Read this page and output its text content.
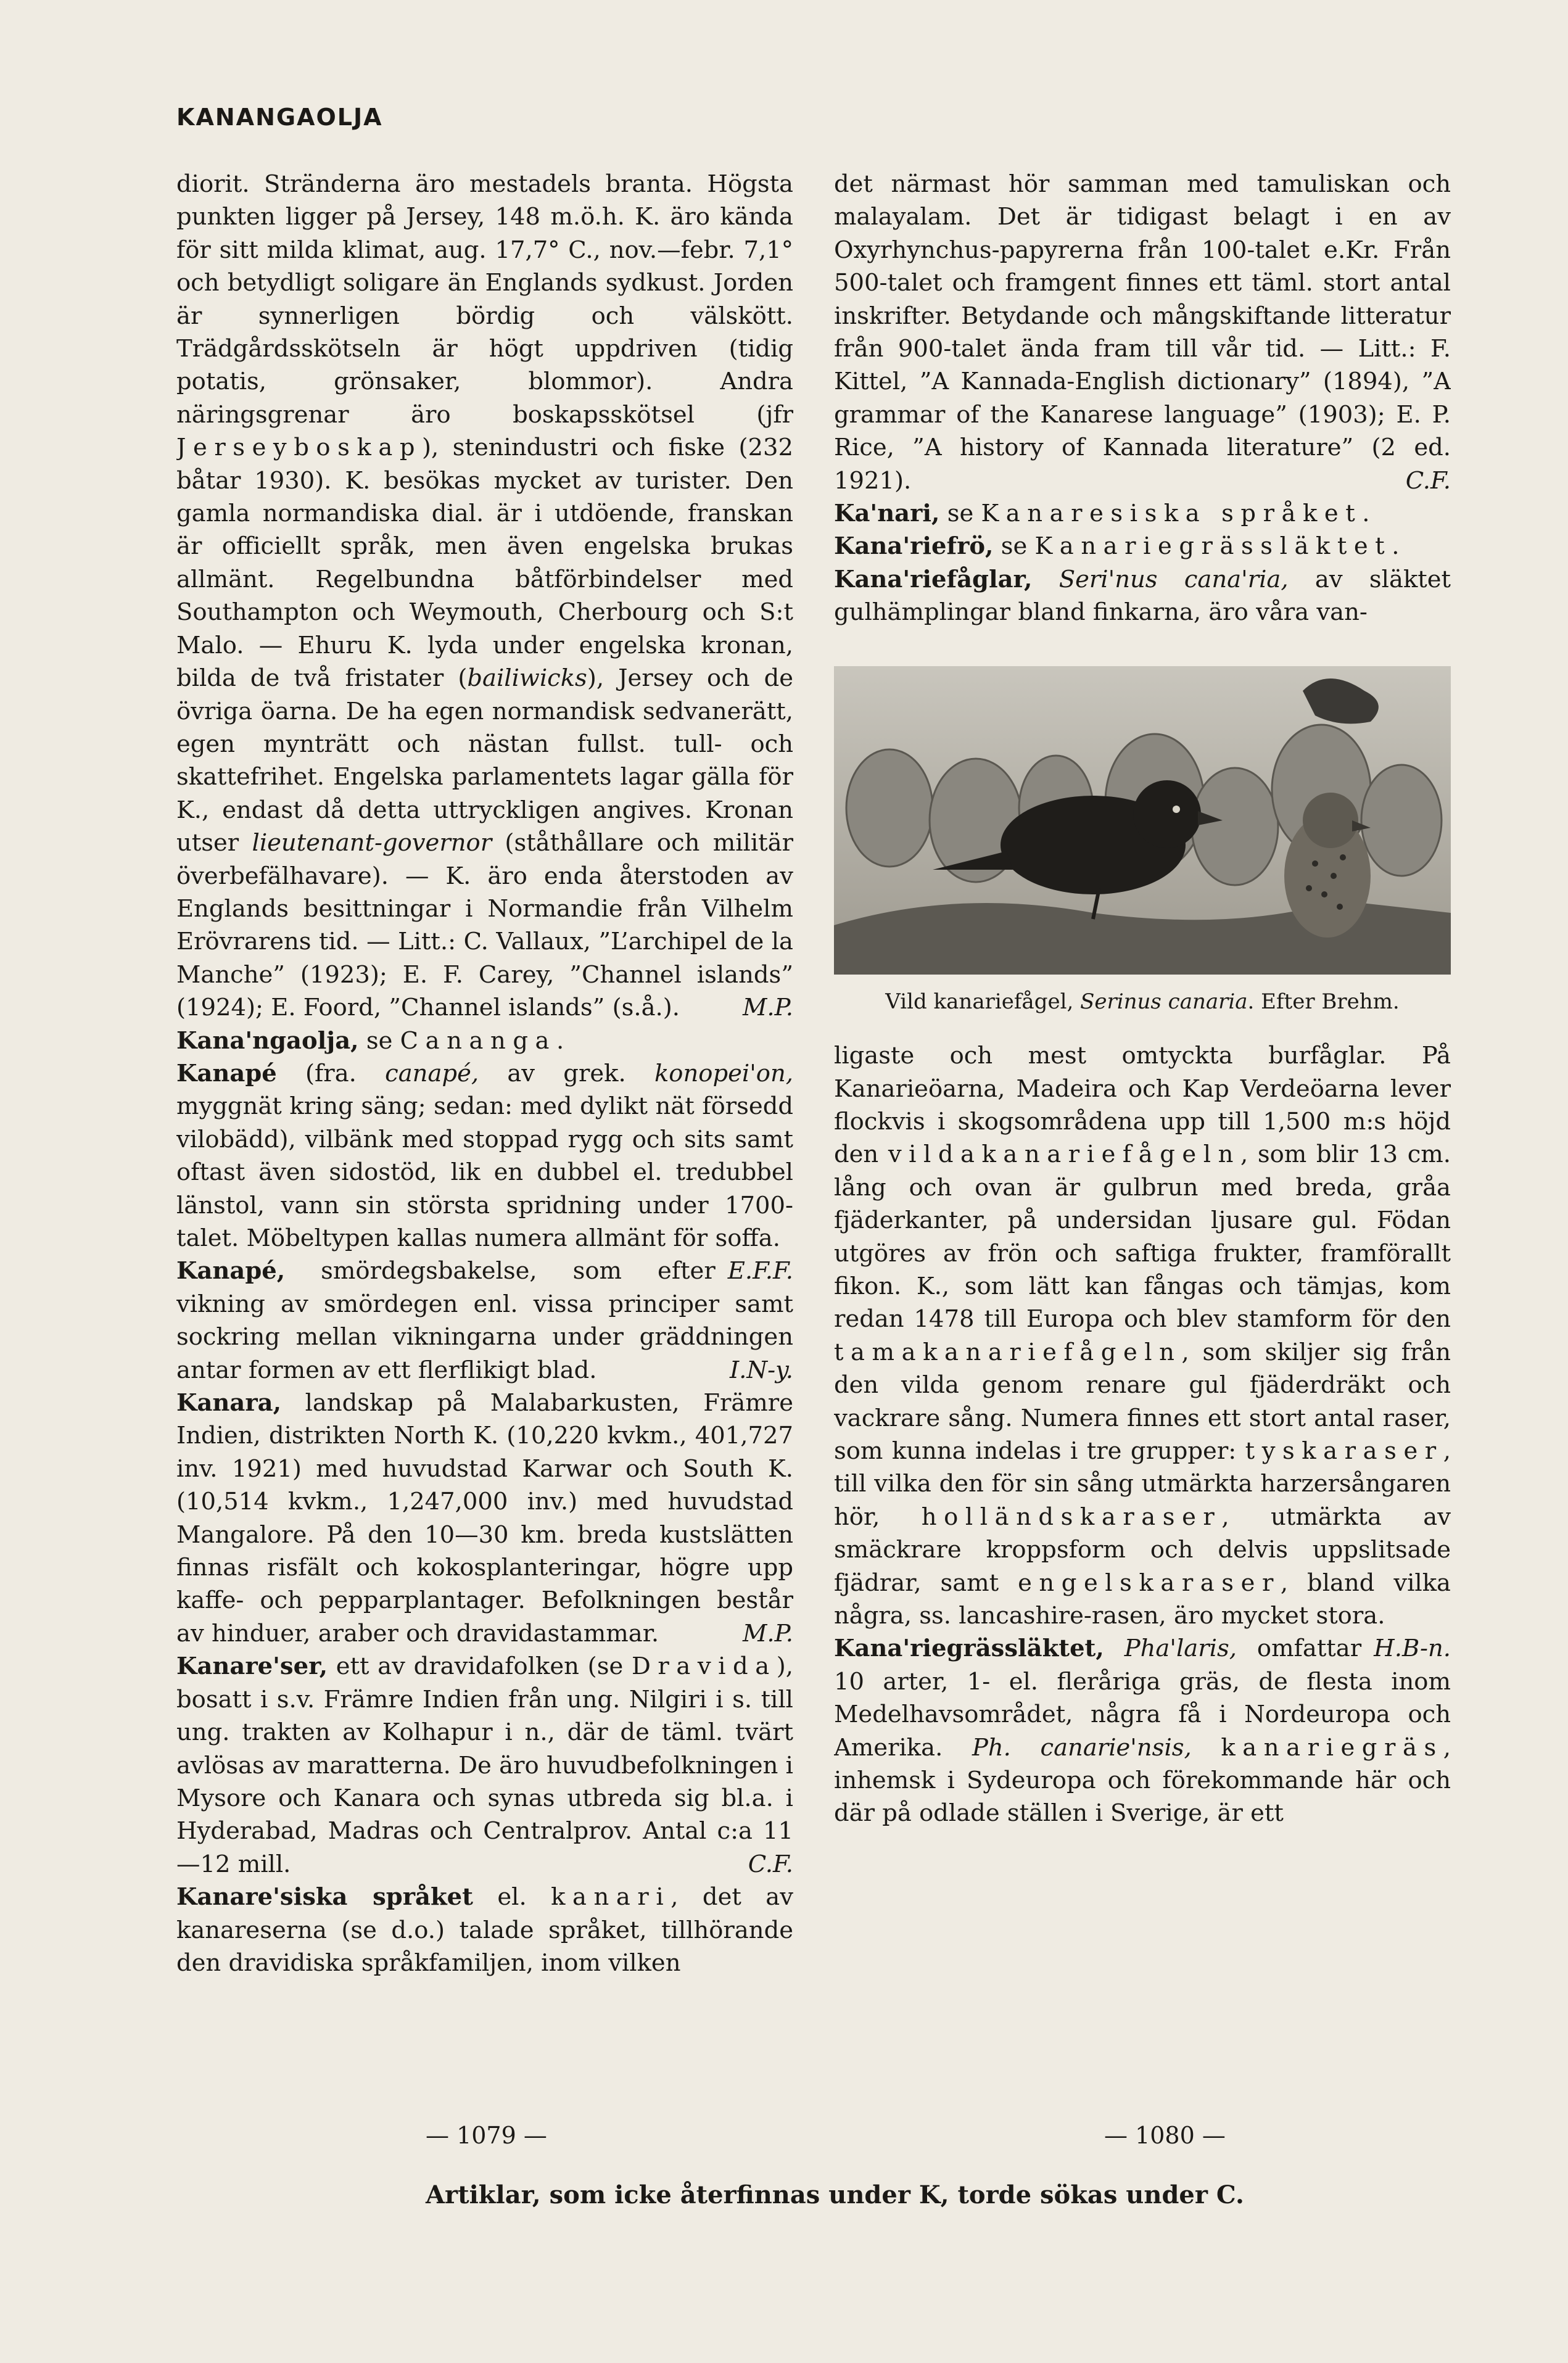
KANANGAOLJA

diorit. Stränderna äro mestadels branta. Högsta punkten ligger på Jersey, 148 m.ö.h. K. äro kända för sitt milda klimat, aug. 17,7° C., nov.—febr. 7,1° och betydligt soligare än Englands sydkust. Jorden är synnerligen bördig och välskött. Trädgårdsskötseln är högt uppdriven (tidig potatis, grönsaker, blommor). Andra näringsgrenar äro boskapsskötsel (jfr Jerseyboskap), stenindustri och fiske (232 båtar 1930). K. besökas mycket av turister. Den gamla normandiska dial. är i utdöende, franskan är officiellt språk, men även engelska brukas allmänt. Regelbundna båtförbindelser med Southampton och Weymouth, Cherbourg och S:t Malo. — Ehuru K. lyda under engelska kronan, bilda de två fristater (bailiwicks), Jersey och de övriga öarna. De ha egen normandisk sedvanerätt, egen mynträtt och nästan fullst. tull- och skattefrihet. Engelska parlamentets lagar gälla för K., endast då detta uttryckligen angives. Kronan utser lieutenant-governor (ståthållare och militär överbefälhavare). — K. äro enda återstoden av Englands besittningar i Normandie från Vilhelm Erövrarens tid. — Litt.: C. Vallaux, ”L’archipel de la Manche” (1923); E. F. Carey, ”Channel islands” (1924); E. Foord, ”Channel islands” (s.å.).	M.P.

Kana'ngaolja, se Cananga.

Kanapé (fra. canapé, av grek. konopei'on, myggnät kring säng; sedan: med dylikt nät försedd vilobädd), vilbänk med stoppad rygg och sits samt oftast även sidostöd, lik en dubbel el. tredubbel länstol, vann sin största spridning under 1700-talet. Möbeltypen kallas numera allmänt för soffa.
E.F.F.

Kanapé, smördegsbakelse, som efter vikning av smördegen enl. vissa principer samt sockring mellan vikningarna under gräddningen antar formen av ett flerflikigt blad.	I.N-y.

Kanara, landskap på Malabarkusten, Främre Indien, distrikten North K. (10,220 kvkm., 401,727 inv. 1921) med huvudstad Karwar och South K. (10,514 kvkm., 1,247,000 inv.) med huvudstad Mangalore. På den 10—30 km. breda kustslätten finnas risfält och kokosplanteringar, högre upp kaffe- och pepparplantager. Befolkningen består av hinduer, araber och dravidastammar.	M.P.

Kanare'ser, ett av dravidafolken (se Dravida), bosatt i s.v. Främre Indien från ung. Nilgiri i s. till ung. trakten av Kolhapur i n., där de täml. tvärt avlösas av maratterna. De äro huvudbefolkningen i Mysore och Kanara och synas utbreda sig bl.a. i Hyderabad, Madras och Centralprov. Antal c:a 11—12 mill.	C.F.

Kanare'siska språket el. kanari, det av kanareserna (se d.o.) talade språket, tillhörande den dravidiska språkfamiljen, inom vilken

det närmast hör samman med tamuliskan och malayalam. Det är tidigast belagt i en av Oxyrhynchus-papyrerna från 100-talet e.Kr. Från 500-talet och framgent finnes ett täml. stort antal inskrifter. Betydande och mångskiftande litteratur från 900-talet ända fram till vår tid. — Litt.: F. Kittel, ”A Kannada-English dictionary” (1894), ”A grammar of the Kanarese language” (1903); E. P. Rice, ”A history of Kannada literature” (2 ed. 1921).	C.F.

Ka'nari, se Kanaresiska språket.

Kana'riefrö, se Kanariegrässläktet.

Kana'riefåglar, Seri'nus cana'ria, av släktet gulhämplingar bland finkarna, äro våra van-

Vild kanariefågel, Serinus canaria. Efter Brehm.

ligaste och mest omtyckta burfåglar. På Kanarieöarna, Madeira och Kap Verdeöarna lever flockvis i skogsområdena upp till 1,500 m:s höjd den vildakanariefågeln, som blir 13 cm. lång och ovan är gulbrun med breda, gråa fjäderkanter, på undersidan ljusare gul. Födan utgöres av frön och saftiga frukter, framförallt fikon. K., som lätt kan fångas och tämjas, kom redan 1478 till Europa och blev stamform för den tamakanariefågeln, som skiljer sig från den vilda genom renare gul fjäderdräkt och vackrare sång. Numera finnes ett stort antal raser, som kunna indelas i tre grupper: tyskaraser, till vilka den för sin sång utmärkta harzersångaren hör, holländskaraser, utmärkta av smäckrare kroppsform och delvis uppslitsade fjädrar, samt engelskaraser, bland vilka några, ss. lancashire-rasen, äro mycket stora.
H.B-n.

Kana'riegrässläktet, Pha'laris, omfattar 10 arter, 1- el. fleråriga gräs, de flesta inom Medelhavsområdet, några få i Nordeuropa och Amerika. Ph. canarie'nsis, kanariegräs, inhemsk i Sydeuropa och förekommande här och där på odlade ställen i Sverige, är ett

— 1079 —	— 1080 —
Artiklar, som icke återfinnas under K, torde sökas under C.
